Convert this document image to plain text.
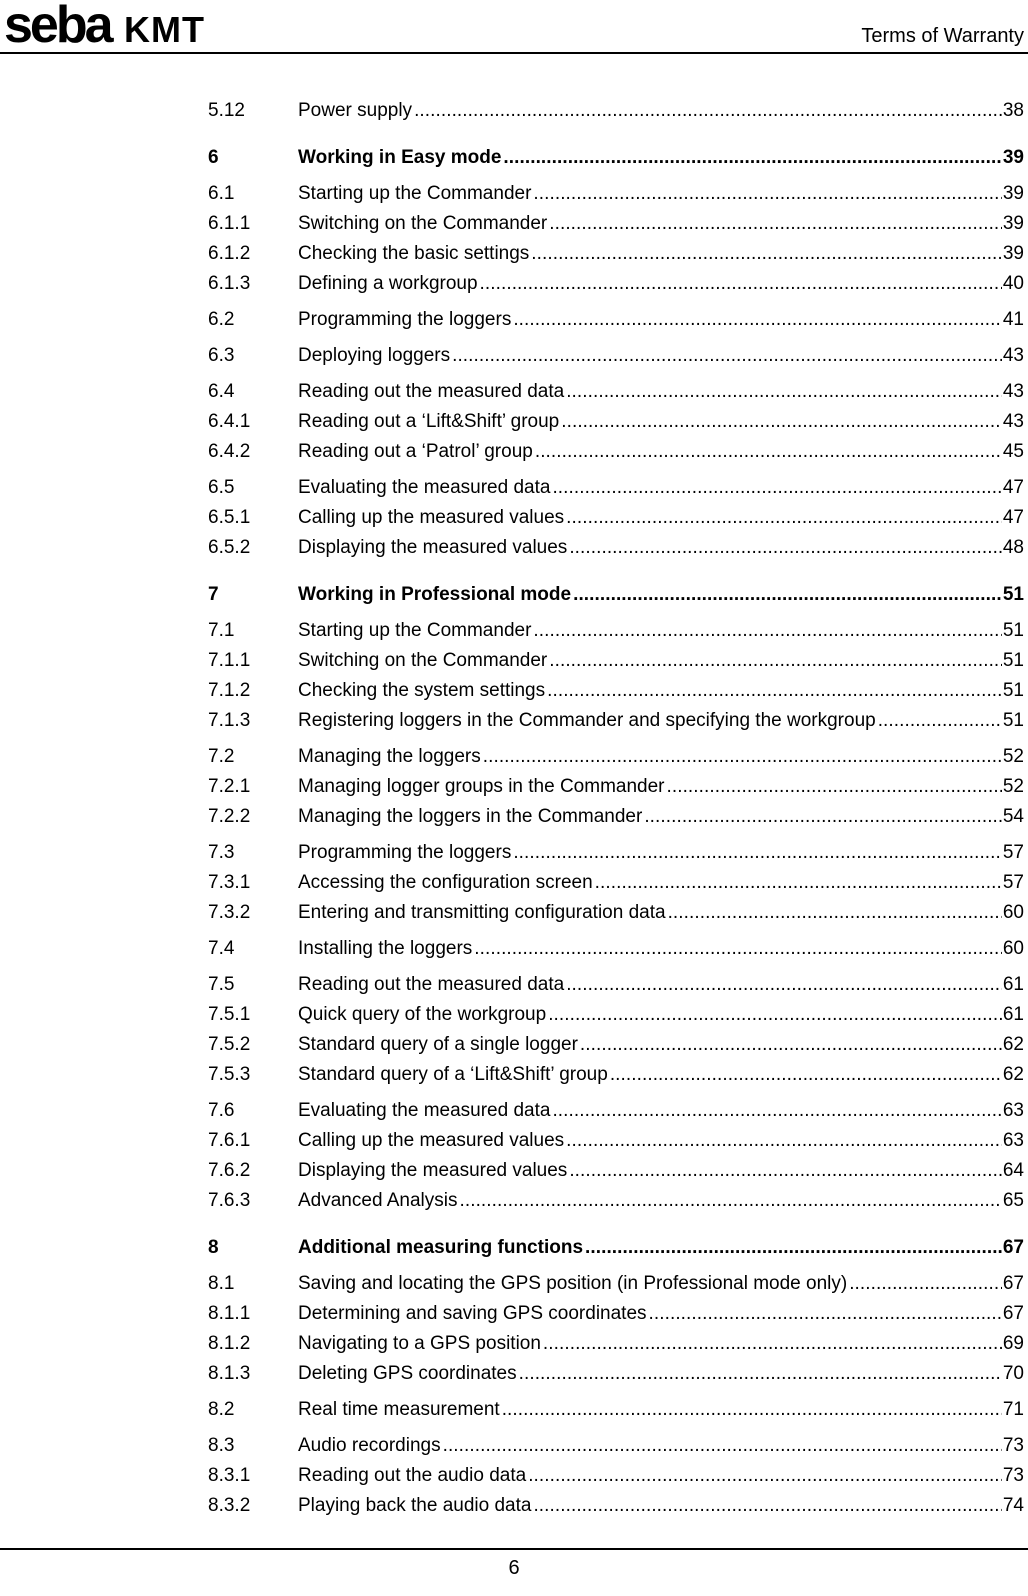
seba KMT	Terms of Warranty
5.12	Power supply . . .	38
6	Working in Easy mode . . .	39
6.1	Starting up the Commander . . .	39
6.1.1	Switching on the Commander . . .	39
6.1.2	Checking the basic settings . . .	39
6.1.3	Defining a workgroup . . .	40
6.2	Programming the loggers . . .	41
6.3	Deploying loggers . . .	43
6.4	Reading out the measured data . . .	43
6.4.1	Reading out a ‘Lift&Shift’ group . . .	43
6.4.2	Reading out a ‘Patrol’ group . . .	45
6.5	Evaluating the measured data . . .	47
6.5.1	Calling up the measured values . . .	47
6.5.2	Displaying the measured values . . .	48
7	Working in Professional mode . . .	51
7.1	Starting up the Commander . . .	51
7.1.1	Switching on the Commander . . .	51
7.1.2	Checking the system settings . . .	51
7.1.3	Registering loggers in the Commander and specifying the workgroup . . .	51
7.2	Managing the loggers . . .	52
7.2.1	Managing logger groups in the Commander . . .	52
7.2.2	Managing the loggers in the Commander . . .	54
7.3	Programming the loggers . . .	57
7.3.1	Accessing the configuration screen . . .	57
7.3.2	Entering and transmitting configuration data . . .	60
7.4	Installing the loggers . . .	60
7.5	Reading out the measured data . . .	61
7.5.1	Quick query of the workgroup . . .	61
7.5.2	Standard query of a single logger . . .	62
7.5.3	Standard query of a ‘Lift&Shift’ group . . .	62
7.6	Evaluating the measured data . . .	63
7.6.1	Calling up the measured values . . .	63
7.6.2	Displaying the measured values . . .	64
7.6.3	Advanced Analysis . . .	65
8	Additional measuring functions . . .	67
8.1	Saving and locating the GPS position (in Professional mode only) . . .	67
8.1.1	Determining and saving GPS coordinates . . .	67
8.1.2	Navigating to a GPS position . . .	69
8.1.3	Deleting GPS coordinates . . .	70
8.2	Real time measurement . . .	71
8.3	Audio recordings . . .	73
8.3.1	Reading out the audio data . . .	73
8.3.2	Playing back the audio data . . .	74
6
